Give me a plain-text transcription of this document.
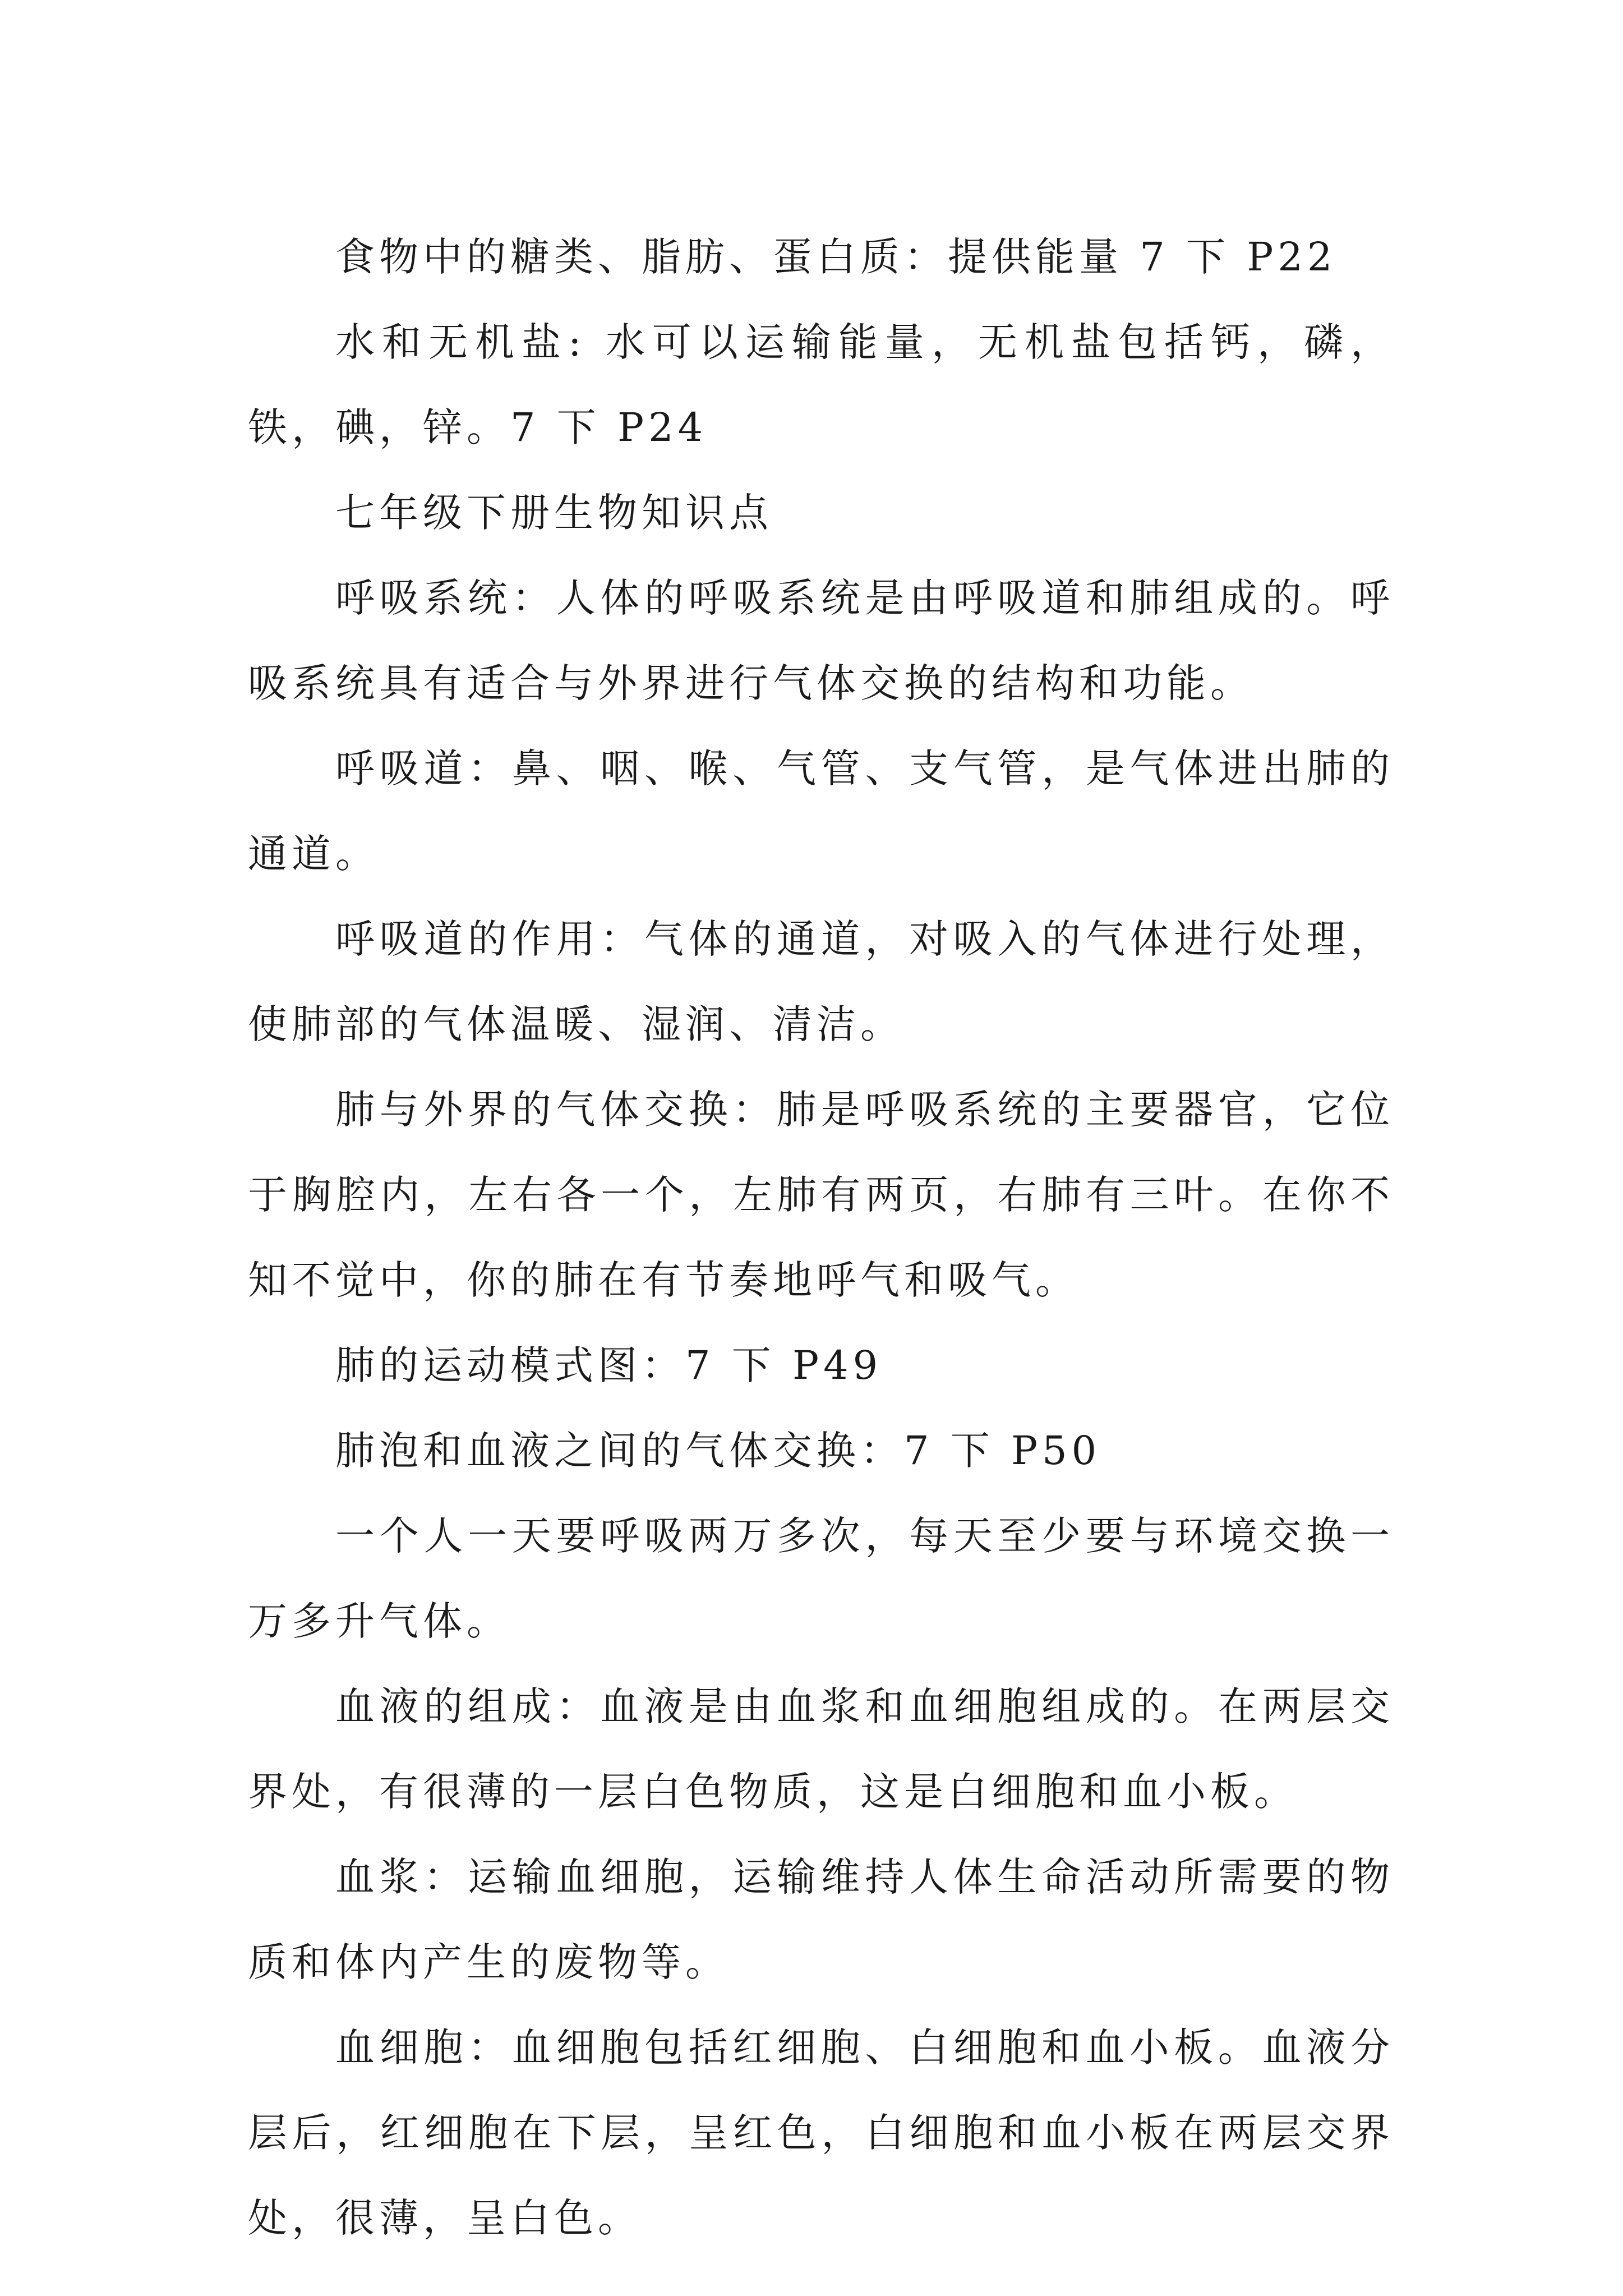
食物中的糖类、脂肪、蛋白质：提供能量 7 下 P22

水和无机盐: 水可以运输能量，无机盐包括钙，磷，铁，碘，锌。7 下 P24

七年级下册生物知识点

呼吸系统：人体的呼吸系统是由呼吸道和肺组成的。呼吸系统具有适合与外界进行气体交换的结构和功能。

呼吸道：鼻、咽、喉、气管、支气管，是气体进出肺的通道。

呼吸道的作用：气体的通道，对吸入的气体进行处理，使肺部的气体温暖、湿润、清洁。

肺与外界的气体交换：肺是呼吸系统的主要器官，它位于胸腔内，左右各一个，左肺有两页，右肺有三叶。在你不知不觉中，你的肺在有节奏地呼气和吸气。

肺的运动模式图：7 下 P49

肺泡和血液之间的气体交换：7 下 P50

一个人一天要呼吸两万多次，每天至少要与环境交换一万多升气体。

血液的组成：血液是由血浆和血细胞组成的。在两层交界处，有很薄的一层白色物质，这是白细胞和血小板。

血浆：运输血细胞，运输维持人体生命活动所需要的物质和体内产生的废物等。

血细胞：血细胞包括红细胞、白细胞和血小板。血液分层后，红细胞在下层，呈红色，白细胞和血小板在两层交界处，很薄，呈白色。
